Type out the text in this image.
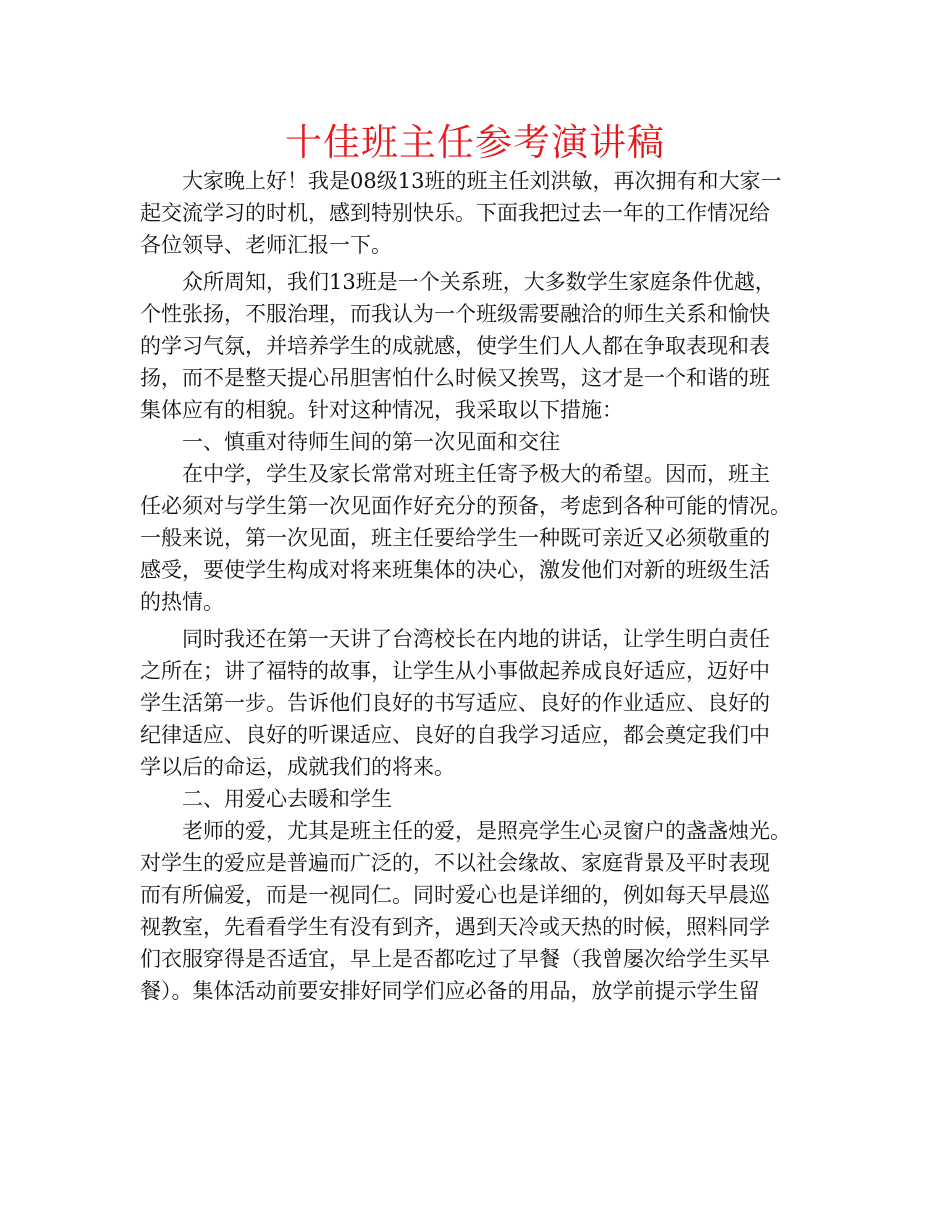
十佳班主任参考演讲稿
大家晚上好！我是08级13班的班主任刘洪敏，再次拥有和大家一
起交流学习的时机，感到特别快乐。下面我把过去一年的工作情况给
各位领导、老师汇报一下。
众所周知，我们13班是一个关系班，大多数学生家庭条件优越，
个性张扬，不服治理，而我认为一个班级需要融洽的师生关系和愉快
的学习气氛，并培养学生的成就感，使学生们人人都在争取表现和表
扬，而不是整天提心吊胆害怕什么时候又挨骂，这才是一个和谐的班
集体应有的相貌。针对这种情况，我采取以下措施：
一、慎重对待师生间的第一次见面和交往
在中学，学生及家长常常对班主任寄予极大的希望。因而，班主
任必须对与学生第一次见面作好充分的预备，考虑到各种可能的情况。
一般来说，第一次见面，班主任要给学生一种既可亲近又必须敬重的
感受，要使学生构成对将来班集体的决心，激发他们对新的班级生活
的热情。
同时我还在第一天讲了台湾校长在内地的讲话，让学生明白责任
之所在；讲了福特的故事，让学生从小事做起养成良好适应，迈好中
学生活第一步。告诉他们良好的书写适应、良好的作业适应、良好的
纪律适应、良好的听课适应、良好的自我学习适应，都会奠定我们中
学以后的命运，成就我们的将来。
二、用爱心去暖和学生
老师的爱，尤其是班主任的爱，是照亮学生心灵窗户的盏盏烛光。
对学生的爱应是普遍而广泛的，不以社会缘故、家庭背景及平时表现
而有所偏爱，而是一视同仁。同时爱心也是详细的，例如每天早晨巡
视教室，先看看学生有没有到齐，遇到天冷或天热的时候，照料同学
们衣服穿得是否适宜，早上是否都吃过了早餐（我曾屡次给学生买早
餐）。集体活动前要安排好同学们应必备的用品，放学前提示学生留
